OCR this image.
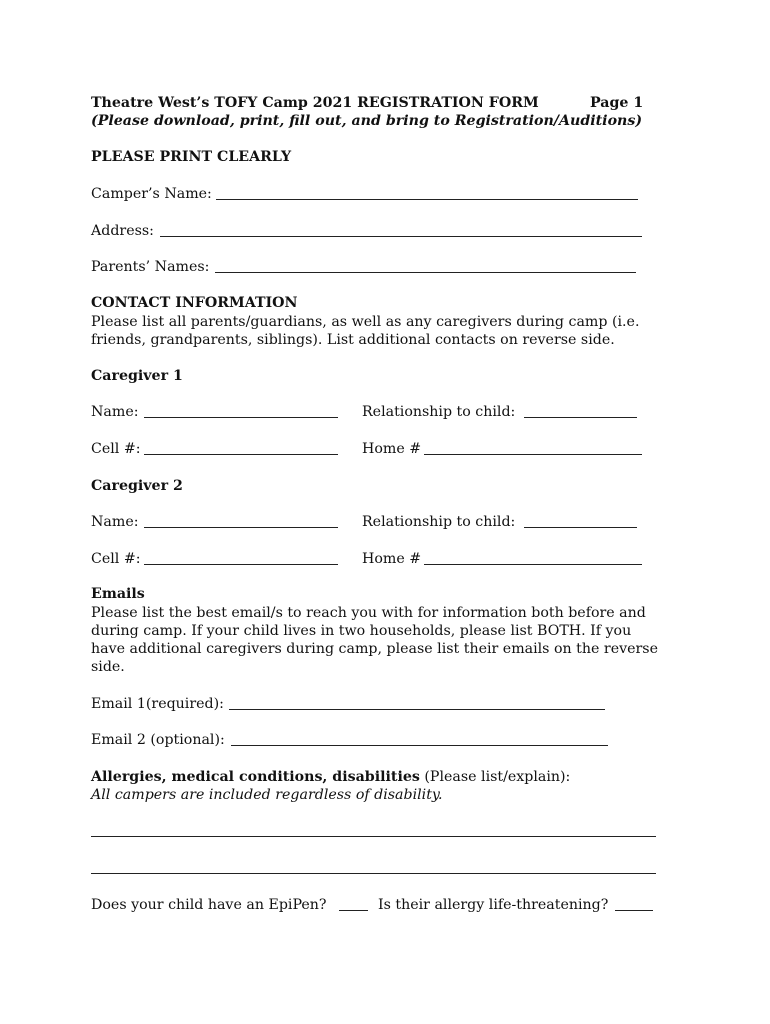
Theatre West’s TOFY Camp 2021 REGISTRATION FORM	Page 1
(Please download, print, fill out, and bring to Registration/Auditions)
PLEASE PRINT CLEARLY
Camper’s Name:
Address:
Parents’ Names:
CONTACT INFORMATION
Please list all parents/guardians, as well as any caregivers during camp (i.e.
friends, grandparents, siblings). List additional contacts on reverse side.
Caregiver 1
Name:	Relationship to child:
Cell #:	Home #
Caregiver 2
Name:	Relationship to child:
Cell #:	Home #
Emails
Please list the best email/s to reach you with for information both before and
during camp. If your child lives in two households, please list BOTH. If you
have additional caregivers during camp, please list their emails on the reverse
side.
Email 1(required):
Email 2 (optional):
Allergies, medical conditions, disabilities (Please list/explain):
All campers are included regardless of disability.
Does your child have an EpiPen?	Is their allergy life-threatening?
